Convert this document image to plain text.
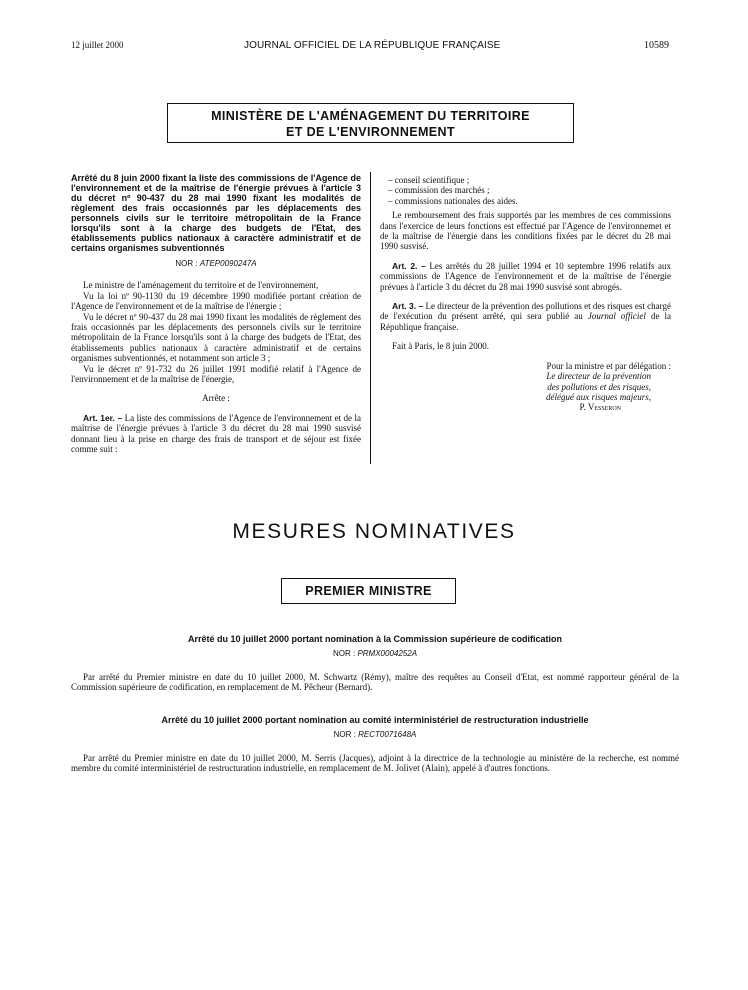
12 juillet 2000	JOURNAL OFFICIEL DE LA RÉPUBLIQUE FRANÇAISE	10589
MINISTÈRE DE L'AMÉNAGEMENT DU TERRITOIRE
ET DE L'ENVIRONNEMENT
Arrêté du 8 juin 2000 fixant la liste des commissions de l'Agence de l'environnement et de la maîtrise de l'énergie prévues à l'article 3 du décret nº 90-437 du 28 mai 1990 fixant les modalités de règlement des frais occasionnés par les déplacements des personnels civils sur le territoire métropolitain de la France lorsqu'ils sont à la charge des budgets de l'Etat, des établissements publics nationaux à caractère administratif et de certains organismes subventionnés
NOR : ATEP0090247A

Le ministre de l'aménagement du territoire et de l'environnement,

Vu la loi nº 90-1130 du 19 décembre 1990 modifiée portant création de l'Agence de l'environnement et de la maîtrise de l'énergie ;

Vu le décret nº 90-437 du 28 mai 1990 fixant les modalités de règlement des frais occasionnés par les déplacements des personnels civils sur le territoire métropolitain de la France lorsqu'ils sont à la charge des budgets de l'Etat, des établissements publics nationaux à caractère administratif et de certains organismes subventionnés, et notamment son article 3 ;

Vu le décret nº 91-732 du 26 juillet 1991 modifié relatif à l'Agence de l'environnement et de la maîtrise de l'énergie,

Arrête :

Art. 1er. – La liste des commissions de l'Agence de l'environnement et de la maîtrise de l'énergie prévues à l'article 3 du décret du 28 mai 1990 susvisé donnant lieu à la prise en charge des frais de transport et de séjour est fixée comme suit :

– conseil scientifique ;
– commission des marchés ;
– commissions nationales des aides.

Le remboursement des frais supportés par les membres de ces commissions dans l'exercice de leurs fonctions est effectué par l'Agence de l'environnemet et de la maîtrise de l'énergie dans les conditions fixées par le décret du 28 mai 1990 susvisé.

Art. 2. – Les arrêtés du 28 juillet 1994 et 10 septembre 1996 relatifs aux commissions de l'Agence de l'environnement et de la maîtrise de l'énergie prévues à l'article 3 du décret du 28 mai 1990 susvisé sont abrogés.

Art. 3. – Le directeur de la prévention des pollutions et des risques est chargé de l'exécution du présent arrêté, qui sera publié au Journal officiel de la République française.

Fait à Paris, le 8 juin 2000.

Pour la ministre et par délégation :
Le directeur de la prévention
des pollutions et des risques,
délégué aux risques majeurs,
P. Vesseron
MESURES NOMINATIVES
PREMIER MINISTRE
Arrêté du 10 juillet 2000 portant nomination à la Commission supérieure de codification
NOR : PRMX0004252A

Par arrêté du Premier ministre en date du 10 juillet 2000, M. Schwartz (Rémy), maître des requêtes au Conseil d'Etat, est nommé rapporteur général de la Commission supérieure de codification, en remplacement de M. Pêcheur (Bernard).

Arrêté du 10 juillet 2000 portant nomination au comité interministériel de restructuration industrielle
NOR : RECT0071648A

Par arrêté du Premier ministre en date du 10 juillet 2000, M. Serris (Jacques), adjoint à la directrice de la technologie au ministère de la recherche, est nommé membre du comité interministériel de restructuration industrielle, en remplacement de M. Jolivet (Alain), appelé à d'autres fonctions.
